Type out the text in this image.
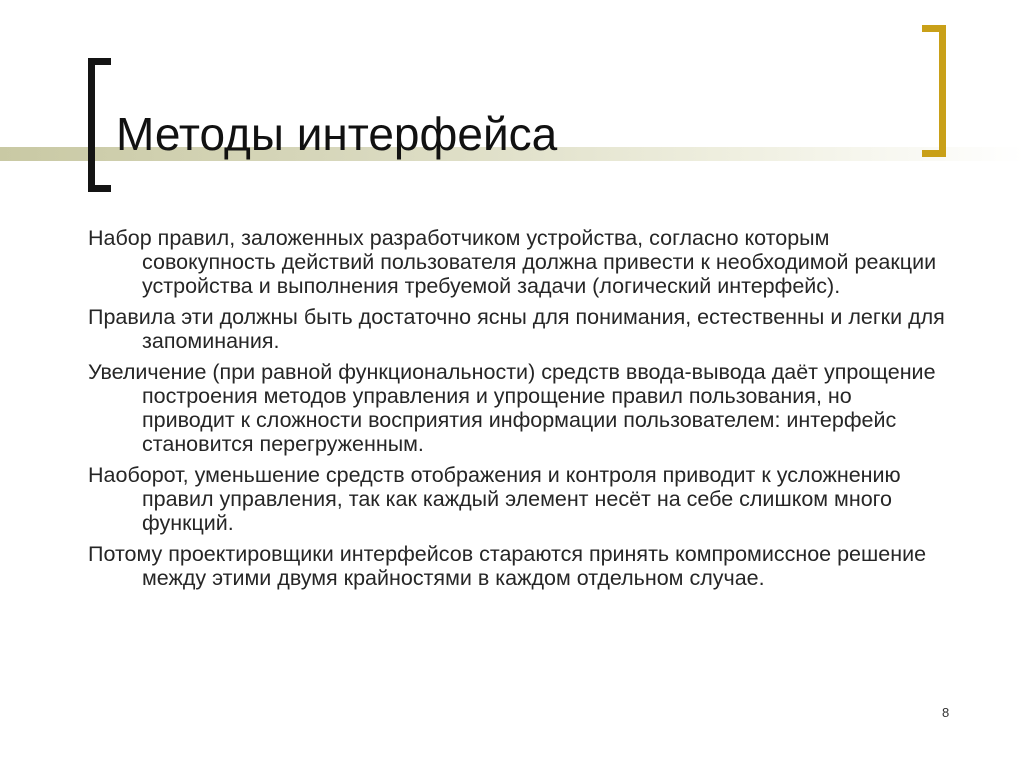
Методы интерфейса

Набор правил, заложенных разработчиком устройства, согласно которым совокупность действий пользователя должна привести к необходимой реакции устройства и выполнения требуемой задачи (логический интерфейс).

Правила эти должны быть достаточно ясны для понимания, естественны и легки для запоминания.

Увеличение (при равной функциональности) средств ввода-вывода даёт упрощение построения методов управления и упрощение правил пользования, но приводит к сложности восприятия информации пользователем: интерфейс становится перегруженным.

Наоборот, уменьшение средств отображения и контроля приводит к усложнению правил управления, так как каждый элемент несёт на себе слишком много функций.

Потому проектировщики интерфейсов стараются принять компромиссное решение между этими двумя крайностями в каждом отдельном случае.

8
